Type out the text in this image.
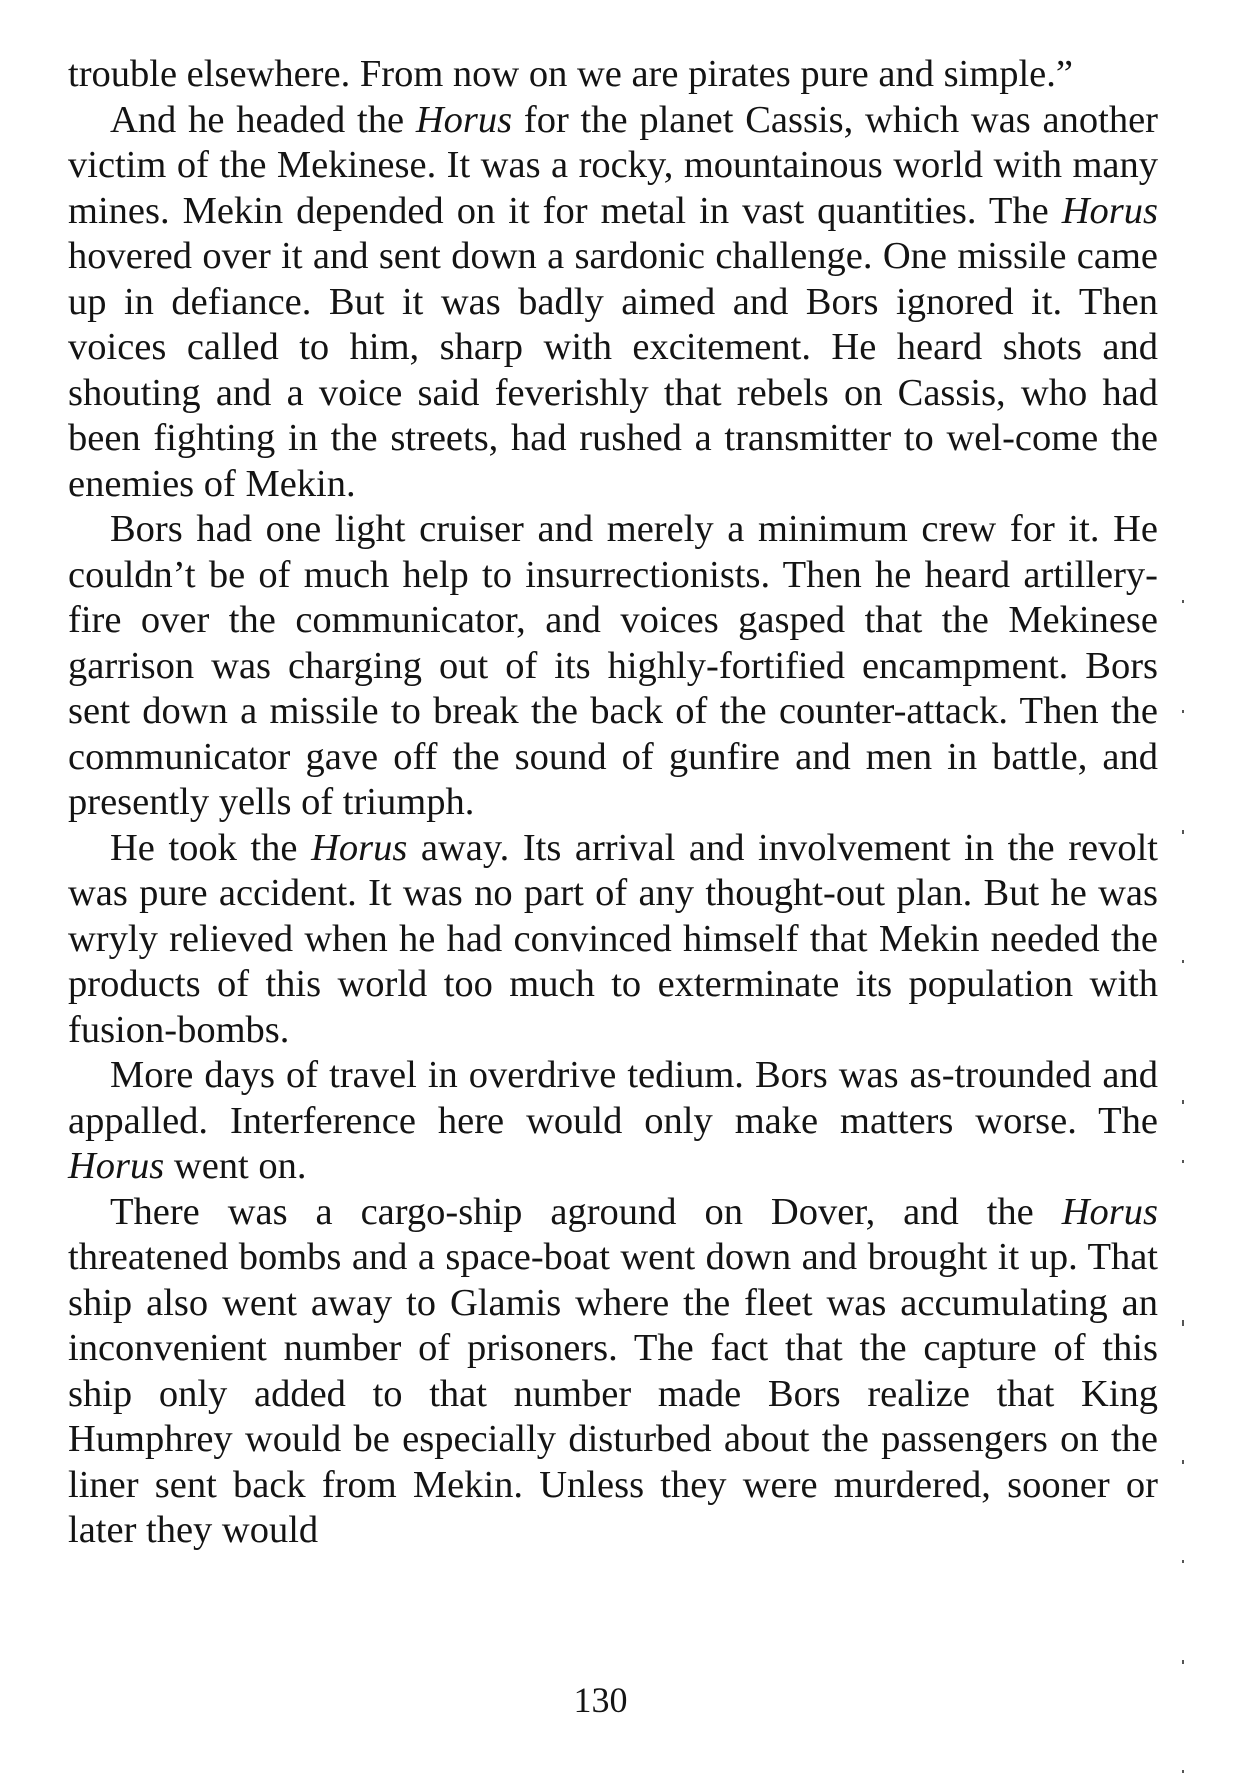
trouble elsewhere. From now on we are pirates pure and simple.”

And he headed the Horus for the planet Cassis, which was another victim of the Mekinese. It was a rocky, mountainous world with many mines. Mekin depended on it for metal in vast quantities. The Horus hovered over it and sent down a sardonic challenge. One missile came up in defiance. But it was badly aimed and Bors ignored it. Then voices called to him, sharp with excitement. He heard shots and shouting and a voice said feverishly that rebels on Cassis, who had been fighting in the streets, had rushed a transmitter to wel-come the enemies of Mekin.

Bors had one light cruiser and merely a minimum crew for it. He couldn’t be of much help to insurrectionists. Then he heard artillery-fire over the communicator, and voices gasped that the Mekinese garrison was charging out of its highly-fortified encampment. Bors sent down a missile to break the back of the counter-attack. Then the communicator gave off the sound of gunfire and men in battle, and presently yells of triumph.

He took the Horus away. Its arrival and involvement in the revolt was pure accident. It was no part of any thought-out plan. But he was wryly relieved when he had convinced himself that Mekin needed the products of this world too much to exterminate its population with fusion-bombs.

More days of travel in overdrive tedium. Bors was as-trounded and appalled. Interference here would only make matters worse. The Horus went on.

There was a cargo-ship aground on Dover, and the Horus threatened bombs and a space-boat went down and brought it up. That ship also went away to Glamis where the fleet was accumulating an inconvenient number of prisoners. The fact that the capture of this ship only added to that number made Bors realize that King Humphrey would be especially disturbed about the passengers on the liner sent back from Mekin. Unless they were murdered, sooner or later they would

130
